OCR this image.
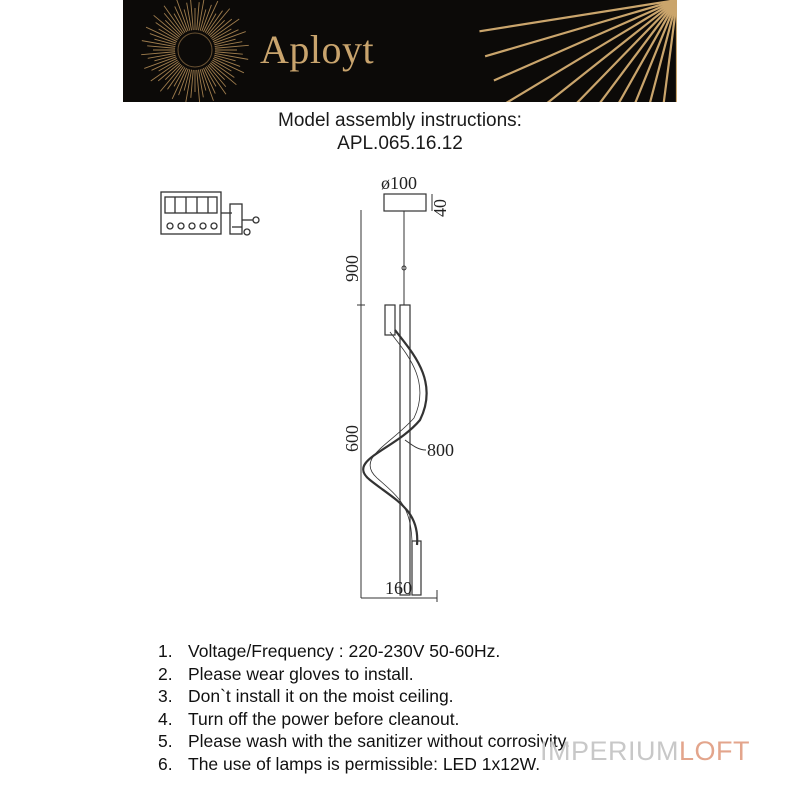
Aployt
Model assembly instructions:
APL.065.16.12
900
600
ø100
40
800
160
1. Voltage/Frequency : 220-230V 50-60Hz.
2. Please wear gloves to install.
3. Don`t install it on the moist ceiling.
4. Turn off the power before cleanout.
5. Please wash with the sanitizer without corrosivity.
6. The use of lamps is permissible: LED 1x12W. IMPERIUMLOFT
